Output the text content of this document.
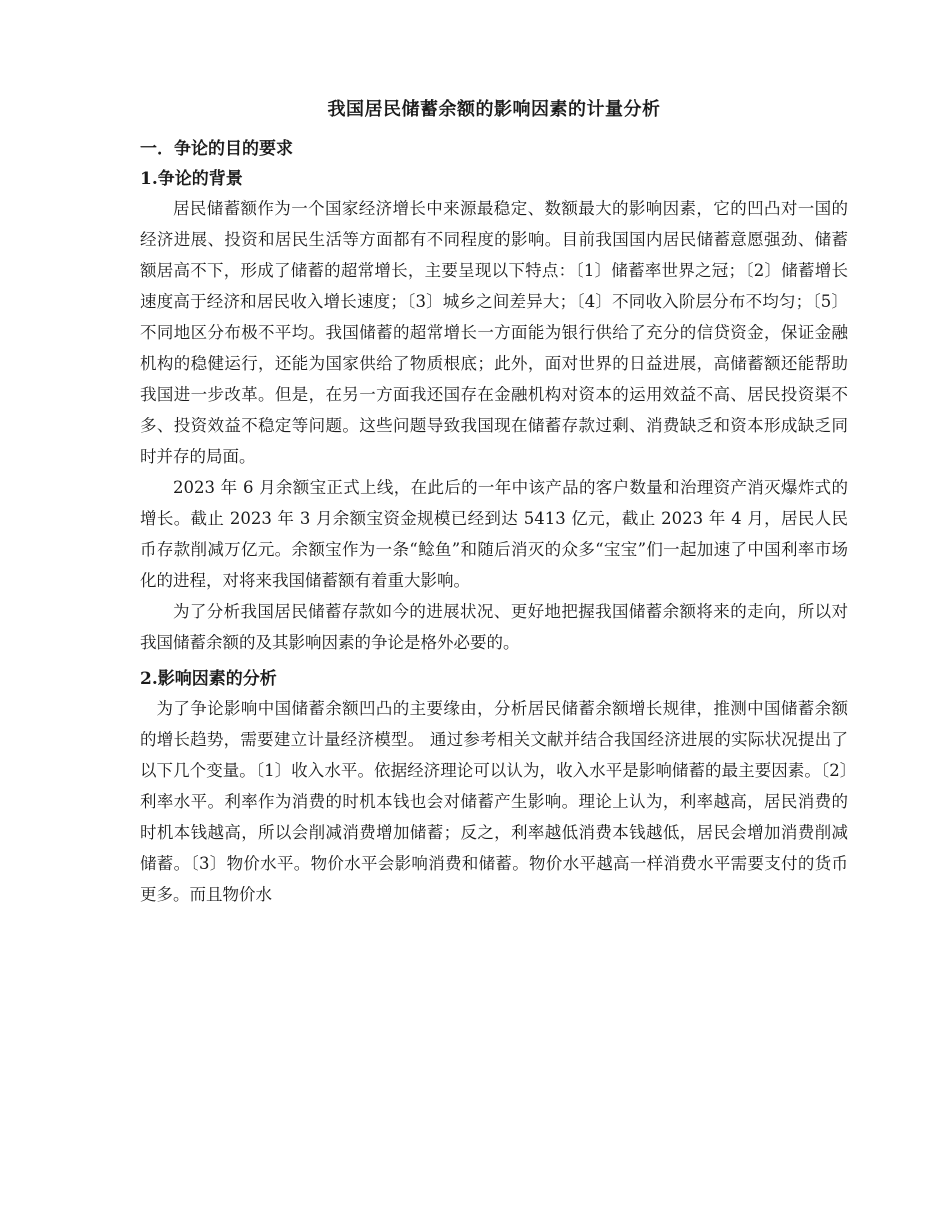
我国居民储蓄余额的影响因素的计量分析
一．争论的目的要求
1.争论的背景

居民储蓄额作为一个国家经济增长中来源最稳定、数额最大的影响因素，它的凹凸对一国的经济进展、投资和居民生活等方面都有不同程度的影响。目前我国国内居民储蓄意愿强劲、储蓄额居高不下，形成了储蓄的超常增长，主要呈现以下特点：〔1〕储蓄率世界之冠；〔2〕储蓄增长速度高于经济和居民收入增长速度；〔3〕城乡之间差异大；〔4〕不同收入阶层分布不均匀；〔5〕不同地区分布极不平均。我国储蓄的超常增长一方面能为银行供给了充分的信贷资金，保证金融机构的稳健运行，还能为国家供给了物质根底；此外，面对世界的日益进展，高储蓄额还能帮助我国进一步改革。但是，在另一方面我还国存在金融机构对资本的运用效益不高、居民投资渠不多、投资效益不稳定等问题。这些问题导致我国现在储蓄存款过剩、消费缺乏和资本形成缺乏同时并存的局面。

2023 年 6 月余额宝正式上线，在此后的一年中该产品的客户数量和治理资产消灭爆炸式的增长。截止 2023 年 3 月余额宝资金规模已经到达 5413 亿元，截止 2023 年 4 月，居民人民币存款削减万亿元。余额宝作为一条“鲶鱼”和随后消灭的众多“宝宝”们一起加速了中国利率市场化的进程，对将来我国储蓄额有着重大影响。

为了分析我国居民储蓄存款如今的进展状况、更好地把握我国储蓄余额将来的走向，所以对我国储蓄余额的及其影响因素的争论是格外必要的。

2.影响因素的分析

为了争论影响中国储蓄余额凹凸的主要缘由，分析居民储蓄余额增长规律，推测中国储蓄余额的增长趋势，需要建立计量经济模型。 通过参考相关文献并结合我国经济进展的实际状况提出了以下几个变量。〔1〕收入水平。依据经济理论可以认为，收入水平是影响储蓄的最主要因素。〔2〕利率水平。利率作为消费的时机本钱也会对储蓄产生影响。理论上认为，利率越高，居民消费的时机本钱越高，所以会削减消费增加储蓄；反之，利率越低消费本钱越低，居民会增加消费削减储蓄。〔3〕物价水平。物价水平会影响消费和储蓄。物价水平越高一样消费水平需要支付的货币更多。而且物价水
